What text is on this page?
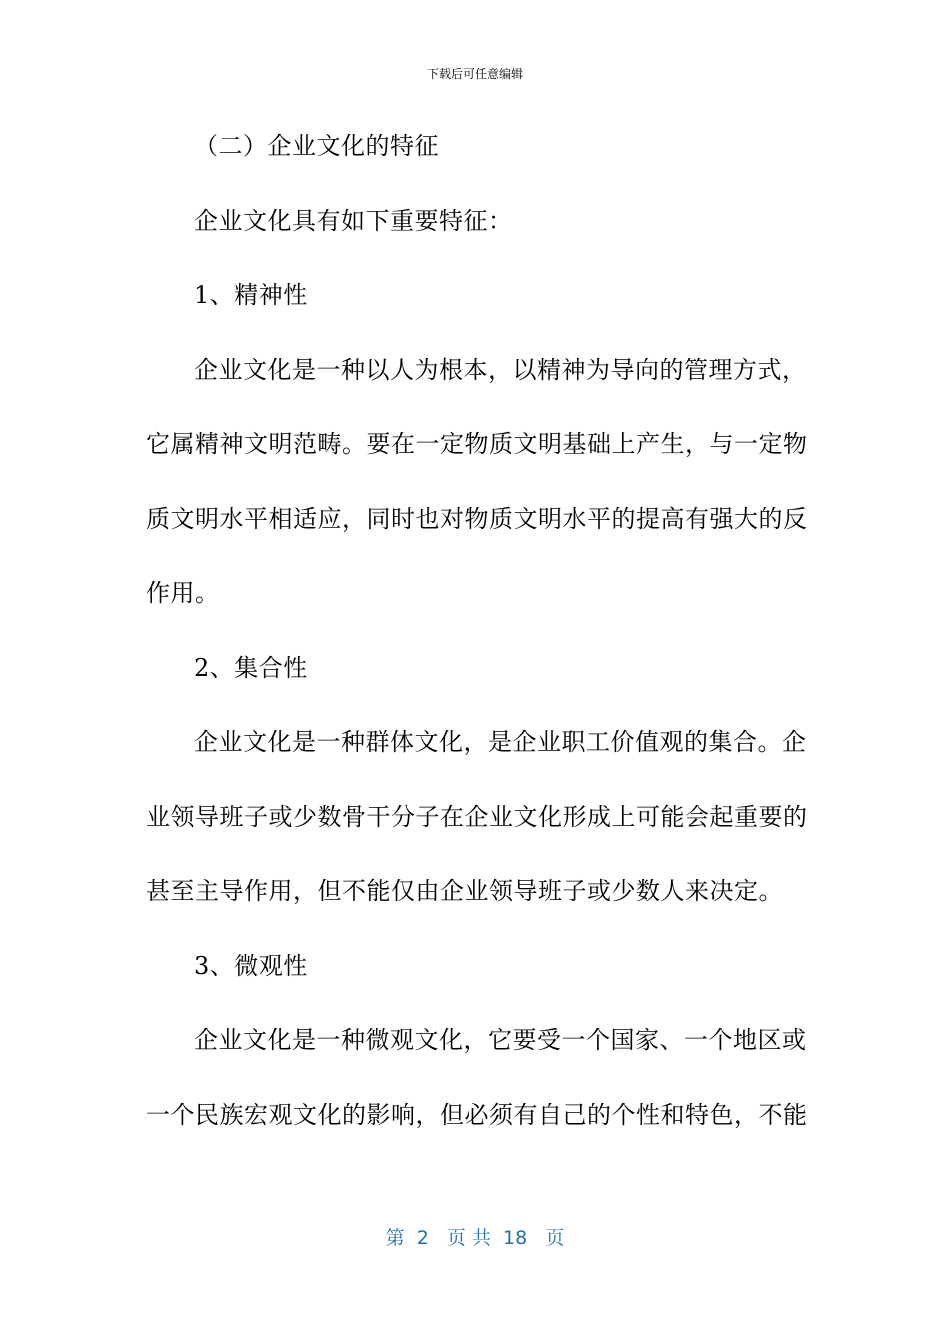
下载后可任意编辑
（二）企业文化的特征
企业文化具有如下重要特征：
1、精神性
企业文化是一种以人为根本，以精神为导向的管理方式，
它属精神文明范畴。要在一定物质文明基础上产生，与一定物
质文明水平相适应，同时也对物质文明水平的提高有强大的反
作用。
2、集合性
企业文化是一种群体文化，是企业职工价值观的集合。企
业领导班子或少数骨干分子在企业文化形成上可能会起重要的
甚至主导作用，但不能仅由企业领导班子或少数人来决定。
3、微观性
企业文化是一种微观文化，它要受一个国家、一个地区或
一个民族宏观文化的影响，但必须有自己的个性和特色，不能
第  2   页 共  18   页
